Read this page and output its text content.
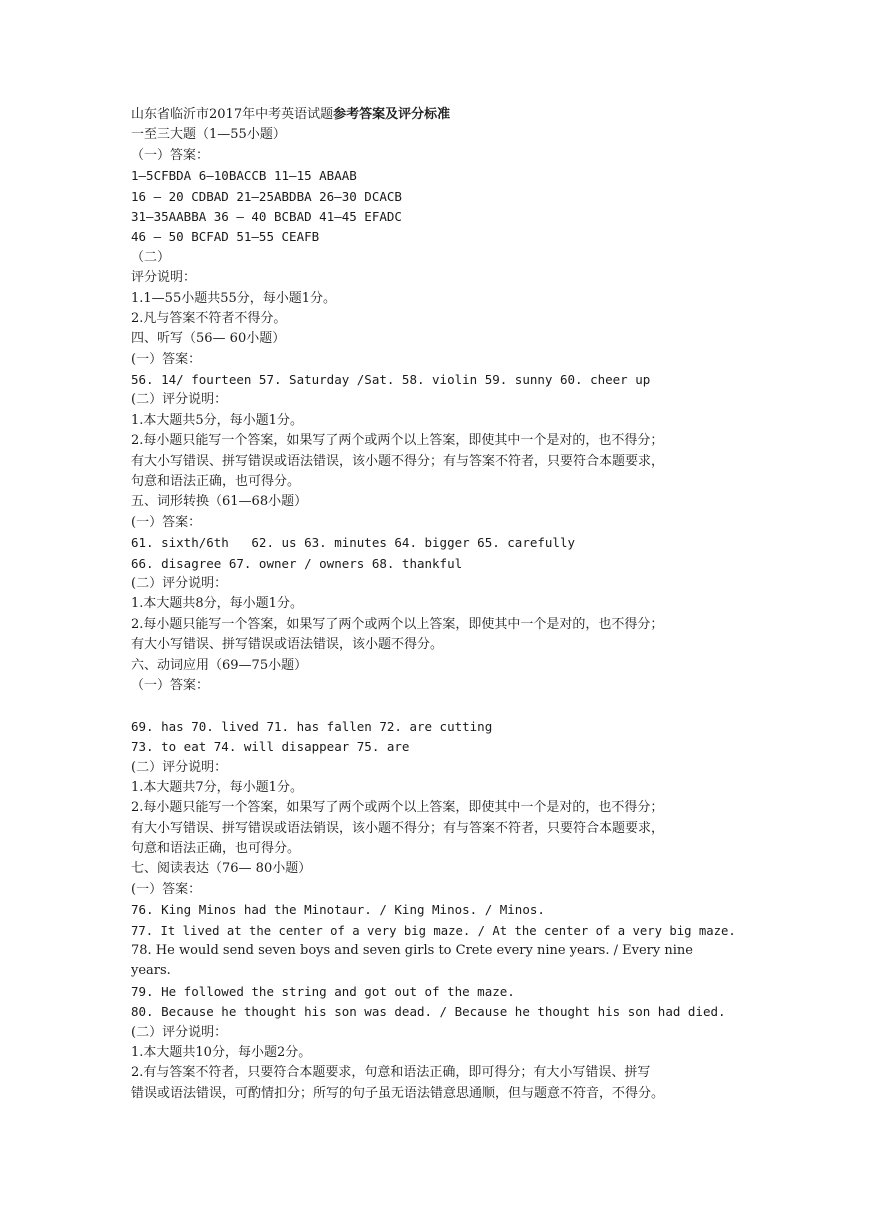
山东省临沂市2017年中考英语试题参考答案及评分标准
一至三大题（1—55小题）
（一）答案：
1—5CFBDA 6—10BACCB 11—15 ABAAB
16 — 20 CDBAD 21—25ABDBA 26—30 DCACB
31—35AABBA 36 — 40 BCBAD 41—45 EFADC
46 — 50 BCFAD 51—55 CEAFB
（二）
评分说明：
1.1—55小题共55分，每小题1分。
2.凡与答案不符者不得分。
四、听写（56— 60小题）
(一）答案：
56. 14/ fourteen 57. Saturday /Sat. 58. violin 59. sunny 60. cheer up
(二）评分说明：
1.本大题共5分，每小题1分。
2.每小题只能写一个答案，如果写了两个或两个以上答案，即使其中一个是对的，也不得分；
有大小写错误、拼写错误或语法错误，该小题不得分；有与答案不符者，只要符合本题要求，
句意和语法正确，也可得分。
五、词形转换（61—68小题）
(一）答案：
61. sixth/6th   62. us 63. minutes 64. bigger 65. carefully
66. disagree 67. owner / owners 68. thankful
(二）评分说明：
1.本大题共8分，每小题1分。
2.每小题只能写一个答案，如果写了两个或两个以上答案，即使其中一个是对的，也不得分；
有大小写错误、拼写错误或语法错误，该小题不得分。
六、动词应用（69—75小题）
（一）答案：
69. has 70. lived 71. has fallen 72. are cutting
73. to eat 74. will disappear 75. are
(二）评分说明：
1.本大题共7分，每小题1分。
2.每小题只能写一个答案，如果写了两个或两个以上答案，即使其中一个是对的，也不得分；
有大小写错误、拼写错误或语法销误，该小题不得分；有与答案不符者，只要符合本题要求，
句意和语法正确，也可得分。
七、阅读表达（76— 80小题）
(一）答案：
76. King Minos had the Minotaur. / King Minos. / Minos.
77. It lived at the center of a very big maze. / At the center of a very big maze.
78. He would send seven boys and seven girls to Crete every nine years. / Every nine
years.
79. He followed the string and got out of the maze.
80. Because he thought his son was dead. / Because he thought his son had died.
(二）评分说明：
1.本大题共10分，每小题2分。
2.有与答案不符者，只要符合本题要求，句意和语法正确，即可得分；有大小写错误、拼写
错误或语法错误，可酌情扣分；所写的句子虽无语法错意思通顺，但与题意不符音，不得分。
